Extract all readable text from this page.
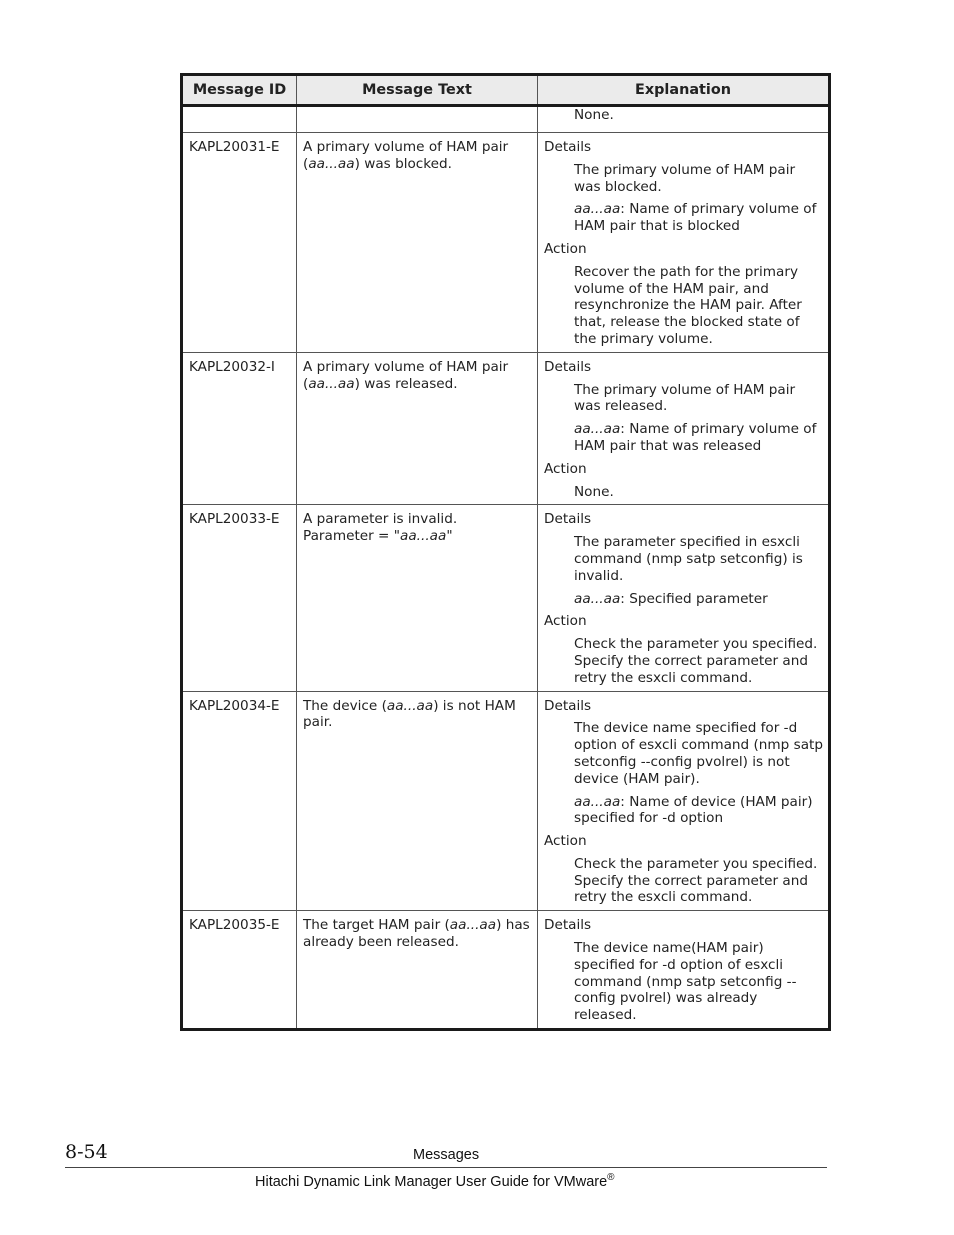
Message ID	Message Text	Explanation

		None.

KAPL20031-E	A primary volume of HAM pair (aa...aa) was blocked.	Details
The primary volume of HAM pair was blocked.
aa...aa: Name of primary volume of HAM pair that is blocked
Action
Recover the path for the primary volume of the HAM pair, and resynchronize the HAM pair. After that, release the blocked state of the primary volume.

KAPL20032-I	A primary volume of HAM pair (aa...aa) was released.	Details
The primary volume of HAM pair was released.
aa...aa: Name of primary volume of HAM pair that was released
Action
None.

KAPL20033-E	A parameter is invalid. Parameter = "aa...aa"	Details
The parameter specified in esxcli command (nmp satp setconfig) is invalid.
aa...aa: Specified parameter
Action
Check the parameter you specified. Specify the correct parameter and retry the esxcli command.

KAPL20034-E	The device (aa...aa) is not HAM pair.	Details
The device name specified for -d option of esxcli command (nmp satp setconfig --config pvolrel) is not device (HAM pair).
aa...aa: Name of device (HAM pair) specified for -d option
Action
Check the parameter you specified. Specify the correct parameter and retry the esxcli command.

KAPL20035-E	The target HAM pair (aa...aa) has already been released.	Details
The device name(HAM pair) specified for -d option of esxcli command (nmp satp setconfig --config pvolrel) was already released.
8-54	Messages
Hitachi Dynamic Link Manager User Guide for VMware®
